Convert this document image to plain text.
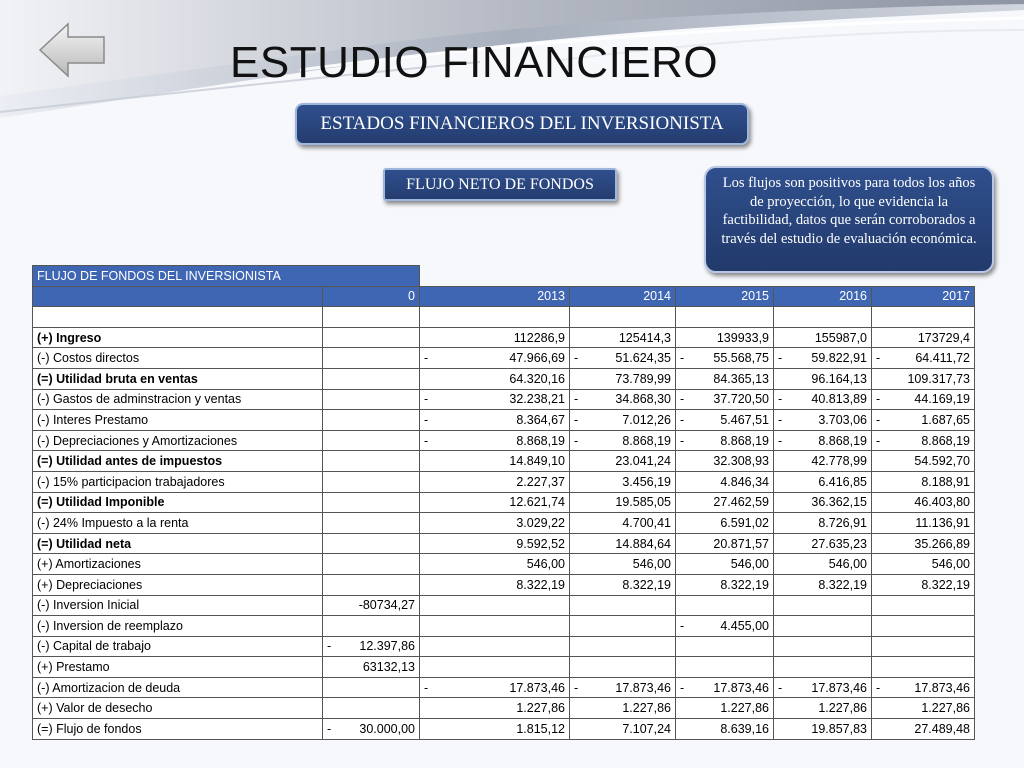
ESTUDIO FINANCIERO
ESTADOS FINANCIEROS DEL INVERSIONISTA
FLUJO NETO DE FONDOS	Los flujos son positivos para todos los años de proyección, lo que evidencia la factibilidad, datos que serán corroborados a través del estudio de evaluación económica.
FLUJO DE FONDOS DEL INVERSIONISTA						
	0	2013	2014	2015	2016	2017

(+) Ingreso		112286,9	125414,3	139933,9	155987,0	173729,4
(-) Costos directos		- 47.966,69	- 51.624,35	- 55.568,75	- 59.822,91	- 64.411,72

(=) Utilidad bruta en ventas		64.320,16	73.789,99	84.365,13	96.164,13	109.317,73
(-) Gastos de adminstracion y ventas		- 32.238,21	- 34.868,30	- 37.720,50	- 40.813,89	- 44.169,19

(-) Interes Prestamo		- 8.364,67	- 7.012,26	- 5.467,51	- 3.703,06	- 1.687,65

(-) Depreciaciones y Amortizaciones		- 8.868,19	- 8.868,19	- 8.868,19	- 8.868,19	- 8.868,19

(=) Utilidad antes de impuestos		14.849,10	23.041,24	32.308,93	42.778,99	54.592,70
(-) 15% participacion trabajadores		2.227,37	3.456,19	4.846,34	6.416,85	8.188,91
(=) Utilidad Imponible		12.621,74	19.585,05	27.462,59	36.362,15	46.403,80
(-) 24% Impuesto a la renta		3.029,22	4.700,41	6.591,02	8.726,91	11.136,91
(=) Utilidad neta		9.592,52	14.884,64	20.871,57	27.635,23	35.266,89
(+) Amortizaciones		546,00	546,00	546,00	546,00	546,00
(+) Depreciaciones		8.322,19	8.322,19	8.322,19	8.322,19	8.322,19
(-) Inversion Inicial	-80734,27					
(-) Inversion de reemplazo				- 4.455,00		

(-) Capital de trabajo	- 12.397,86					

(+) Prestamo	63132,13					
(-) Amortizacion de deuda		- 17.873,46	- 17.873,46	- 17.873,46	- 17.873,46	- 17.873,46

(+) Valor de desecho		1.227,86	1.227,86	1.227,86	1.227,86	1.227,86
(=) Flujo de fondos	- 30.000,00	1.815,12	7.107,24	8.639,16	19.857,83	27.489,48
